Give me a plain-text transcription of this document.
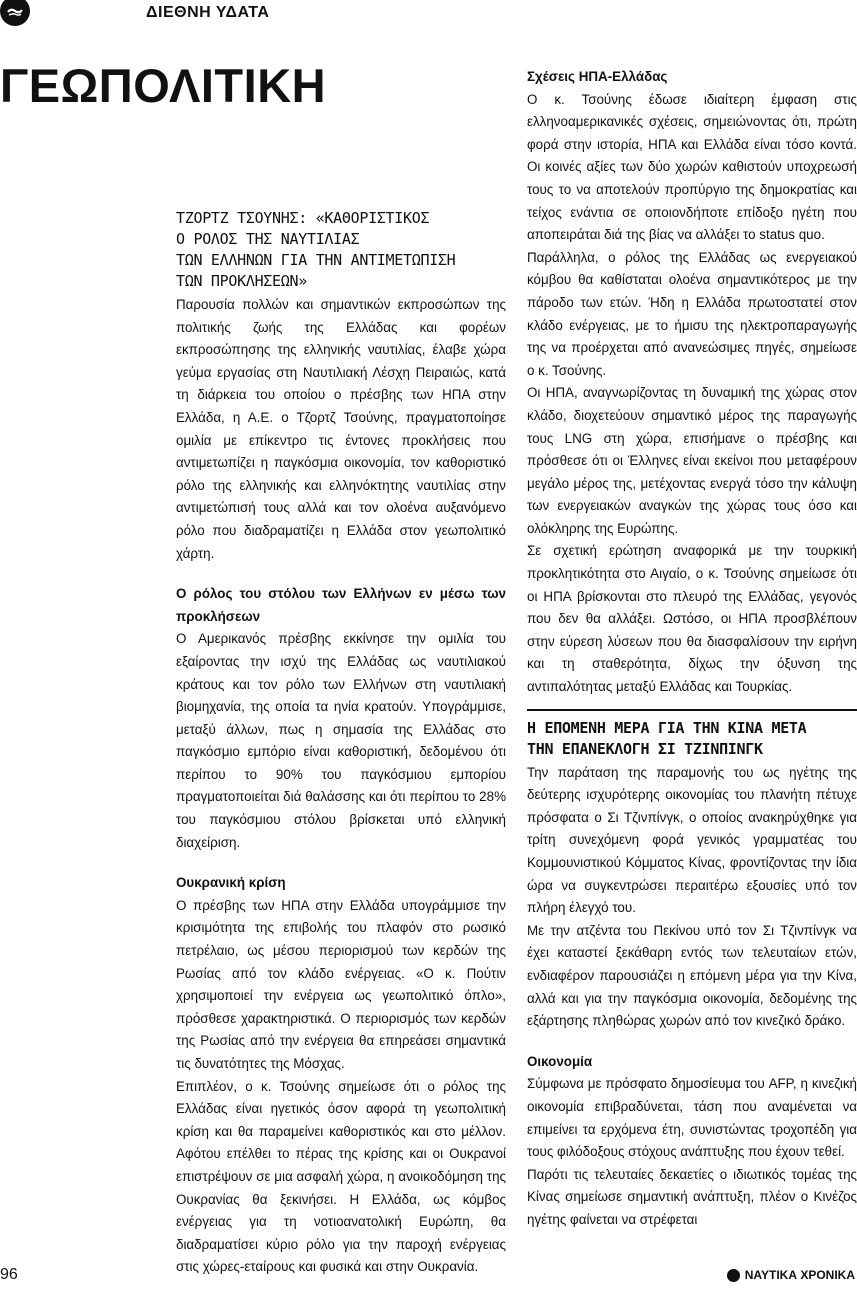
ΔΙΕΘΝΗ ΥΔΑΤΑ
ΓΕΩΠΟΛΙΤΙΚΗ
ΤΖΟΡΤΖ ΤΣΟΥΝΗΣ: «ΚΑΘΟΡΙΣΤΙΚΟΣ
Ο ΡΟΛΟΣ ΤΗΣ ΝΑΥΤΙΛΙΑΣ
ΤΩΝ ΕΛΛΗΝΩΝ ΓΙΑ ΤΗΝ ΑΝΤΙΜΕΤΩΠΙΣΗ
ΤΩΝ ΠΡΟΚΛΗΣΕΩΝ»

Παρουσία πολλών και σημαντικών εκπροσώπων της πολιτικής ζωής της Ελλάδας και φορέων εκπροσώπησης της ελληνικής ναυτιλίας, έλαβε χώρα γεύμα εργασίας στη Ναυτιλιακή Λέσχη Πειραιώς, κατά τη διάρκεια του οποίου ο πρέσβης των ΗΠΑ στην Ελλάδα, η Α.Ε. ο Τζορτζ Τσούνης, πραγματοποίησε ομιλία με επίκεντρο τις έντονες προκλήσεις που αντιμετωπίζει η παγκόσμια οικονομία, τον καθοριστικό ρόλο της ελληνικής και ελληνόκτητης ναυτιλίας στην αντιμετώπισή τους αλλά και τον ολοένα αυξανόμενο ρόλο που διαδραματίζει η Ελλάδα στον γεωπολιτικό χάρτη.

Ο ρόλος του στόλου των Ελλήνων εν μέσω των προκλήσεων

Ο Αμερικανός πρέσβης εκκίνησε την ομιλία του εξαίροντας την ισχύ της Ελλάδας ως ναυτιλιακού κράτους και τον ρόλο των Ελλήνων στη ναυτιλιακή βιομηχανία, της οποία τα ηνία κρατούν. Υπογράμμισε, μεταξύ άλλων, πως η σημασία της Ελλάδας στο παγκόσμιο εμπόριο είναι καθοριστική, δεδομένου ότι περίπου το 90% του παγκόσμιου εμπορίου πραγματοποιείται διά θαλάσσης και ότι περίπου το 28% του παγκόσμιου στόλου βρίσκεται υπό ελληνική διαχείριση.

Ουκρανική κρίση

Ο πρέσβης των ΗΠΑ στην Ελλάδα υπογράμμισε την κρισιμότητα της επιβολής του πλαφόν στο ρωσικό πετρέλαιο, ως μέσου περιορισμού των κερδών της Ρωσίας από τον κλάδο ενέργειας. «Ο κ. Πούτιν χρησιμοποιεί την ενέργεια ως γεωπολιτικό όπλο», πρόσθεσε χαρακτηριστικά. Ο περιορισμός των κερδών της Ρωσίας από την ενέργεια θα επηρεάσει σημαντικά τις δυνατότητες της Μόσχας.

Επιπλέον, ο κ. Τσούνης σημείωσε ότι ο ρόλος της Ελλάδας είναι ηγετικός όσον αφορά τη γεωπολιτική κρίση και θα παραμείνει καθοριστικός και στο μέλλον. Αφότου επέλθει το πέρας της κρίσης και οι Ουκρανοί επιστρέψουν σε μια ασφαλή χώρα, η ανοικοδόμηση της Ουκρανίας θα ξεκινήσει. Η Ελλάδα, ως κόμβος ενέργειας για τη νοτιοανατολική Ευρώπη, θα διαδραματίσει κύριο ρόλο για την παροχή ενέργειας στις χώρες-εταίρους και φυσικά και στην Ουκρανία.

Σχέσεις ΗΠΑ-Ελλάδας

Ο κ. Τσούνης έδωσε ιδιαίτερη έμφαση στις ελληνοαμερικανικές σχέσεις, σημειώνοντας ότι, πρώτη φορά στην ιστορία, ΗΠΑ και Ελλάδα είναι τόσο κοντά. Οι κοινές αξίες των δύο χωρών καθιστούν υποχρεωσή τους το να αποτελούν προπύργιο της δημοκρατίας και τείχος ενάντια σε οποιονδήποτε επίδοξο ηγέτη που αποπειράται διά της βίας να αλλάξει το status quo.

Παράλληλα, ο ρόλος της Ελλάδας ως ενεργειακού κόμβου θα καθίσταται ολοένα σημαντικότερος με την πάροδο των ετών. Ήδη η Ελλάδα πρωτοστατεί στον κλάδο ενέργειας, με το ήμισυ της ηλεκτροπαραγωγής της να προέρχεται από ανανεώσιμες πηγές, σημείωσε ο κ. Τσούνης.

Οι ΗΠΑ, αναγνωρίζοντας τη δυναμική της χώρας στον κλάδο, διοχετεύουν σημαντικό μέρος της παραγωγής τους LNG στη χώρα, επισήμανε ο πρέσβης και πρόσθεσε ότι οι Έλληνες είναι εκείνοι που μεταφέρουν μεγάλο μέρος της, μετέχοντας ενεργά τόσο την κάλυψη των ενεργειακών αναγκών της χώρας τους όσο και ολόκληρης της Ευρώπης.

Σε σχετική ερώτηση αναφορικά με την τουρκική προκλητικότητα στο Αιγαίο, ο κ. Τσούνης σημείωσε ότι οι ΗΠΑ βρίσκονται στο πλευρό της Ελλάδας, γεγονός που δεν θα αλλάξει. Ωστόσο, οι ΗΠΑ προσβλέπουν στην εύρεση λύσεων που θα διασφαλίσουν την ειρήνη και τη σταθερότητα, δίχως την όξυνση της αντιπαλότητας μεταξύ Ελλάδας και Τουρκίας.

Η ΕΠΟΜΕΝΗ ΜΕΡΑ ΓΙΑ ΤΗΝ ΚΙΝΑ ΜΕΤΑ
ΤΗΝ ΕΠΑΝΕΚΛΟΓΗ ΣΙ ΤΖΙΝΠΙΝΓΚ

Την παράταση της παραμονής του ως ηγέτης της δεύτερης ισχυρότερης οικονομίας του πλανήτη πέτυχε πρόσφατα ο Σι Τζινπίνγκ, ο οποίος ανακηρύχθηκε για τρίτη συνεχόμενη φορά γενικός γραμματέας του Κομμουνιστικού Κόμματος Κίνας, φροντίζοντας την ίδια ώρα να συγκεντρώσει περαιτέρω εξουσίες υπό τον πλήρη έλεγχό του.

Με την ατζέντα του Πεκίνου υπό τον Σι Τζινπίνγκ να έχει καταστεί ξεκάθαρη εντός των τελευταίων ετών, ενδιαφέρον παρουσιάζει η επόμενη μέρα για την Κίνα, αλλά και για την παγκόσμια οικονομία, δεδομένης της εξάρτησης πληθώρας χωρών από τον κινεζικό δράκο.

Οικονομία

Σύμφωνα με πρόσφατο δημοσίευμα του AFP, η κινεζική οικονομία επιβραδύνεται, τάση που αναμένεται να επιμείνει τα ερχόμενα έτη, συνιστώντας τροχοπέδη για τους φιλόδοξους στόχους ανάπτυξης που έχουν τεθεί.

Παρότι τις τελευταίες δεκαετίες ο ιδιωτικός τομέας της Κίνας σημείωσε σημαντική ανάπτυξη, πλέον ο Κινέζος ηγέτης φαίνεται να στρέφεται

96	ΝΑΥΤΙΚΑ ΧΡΟΝΙΚΑ
